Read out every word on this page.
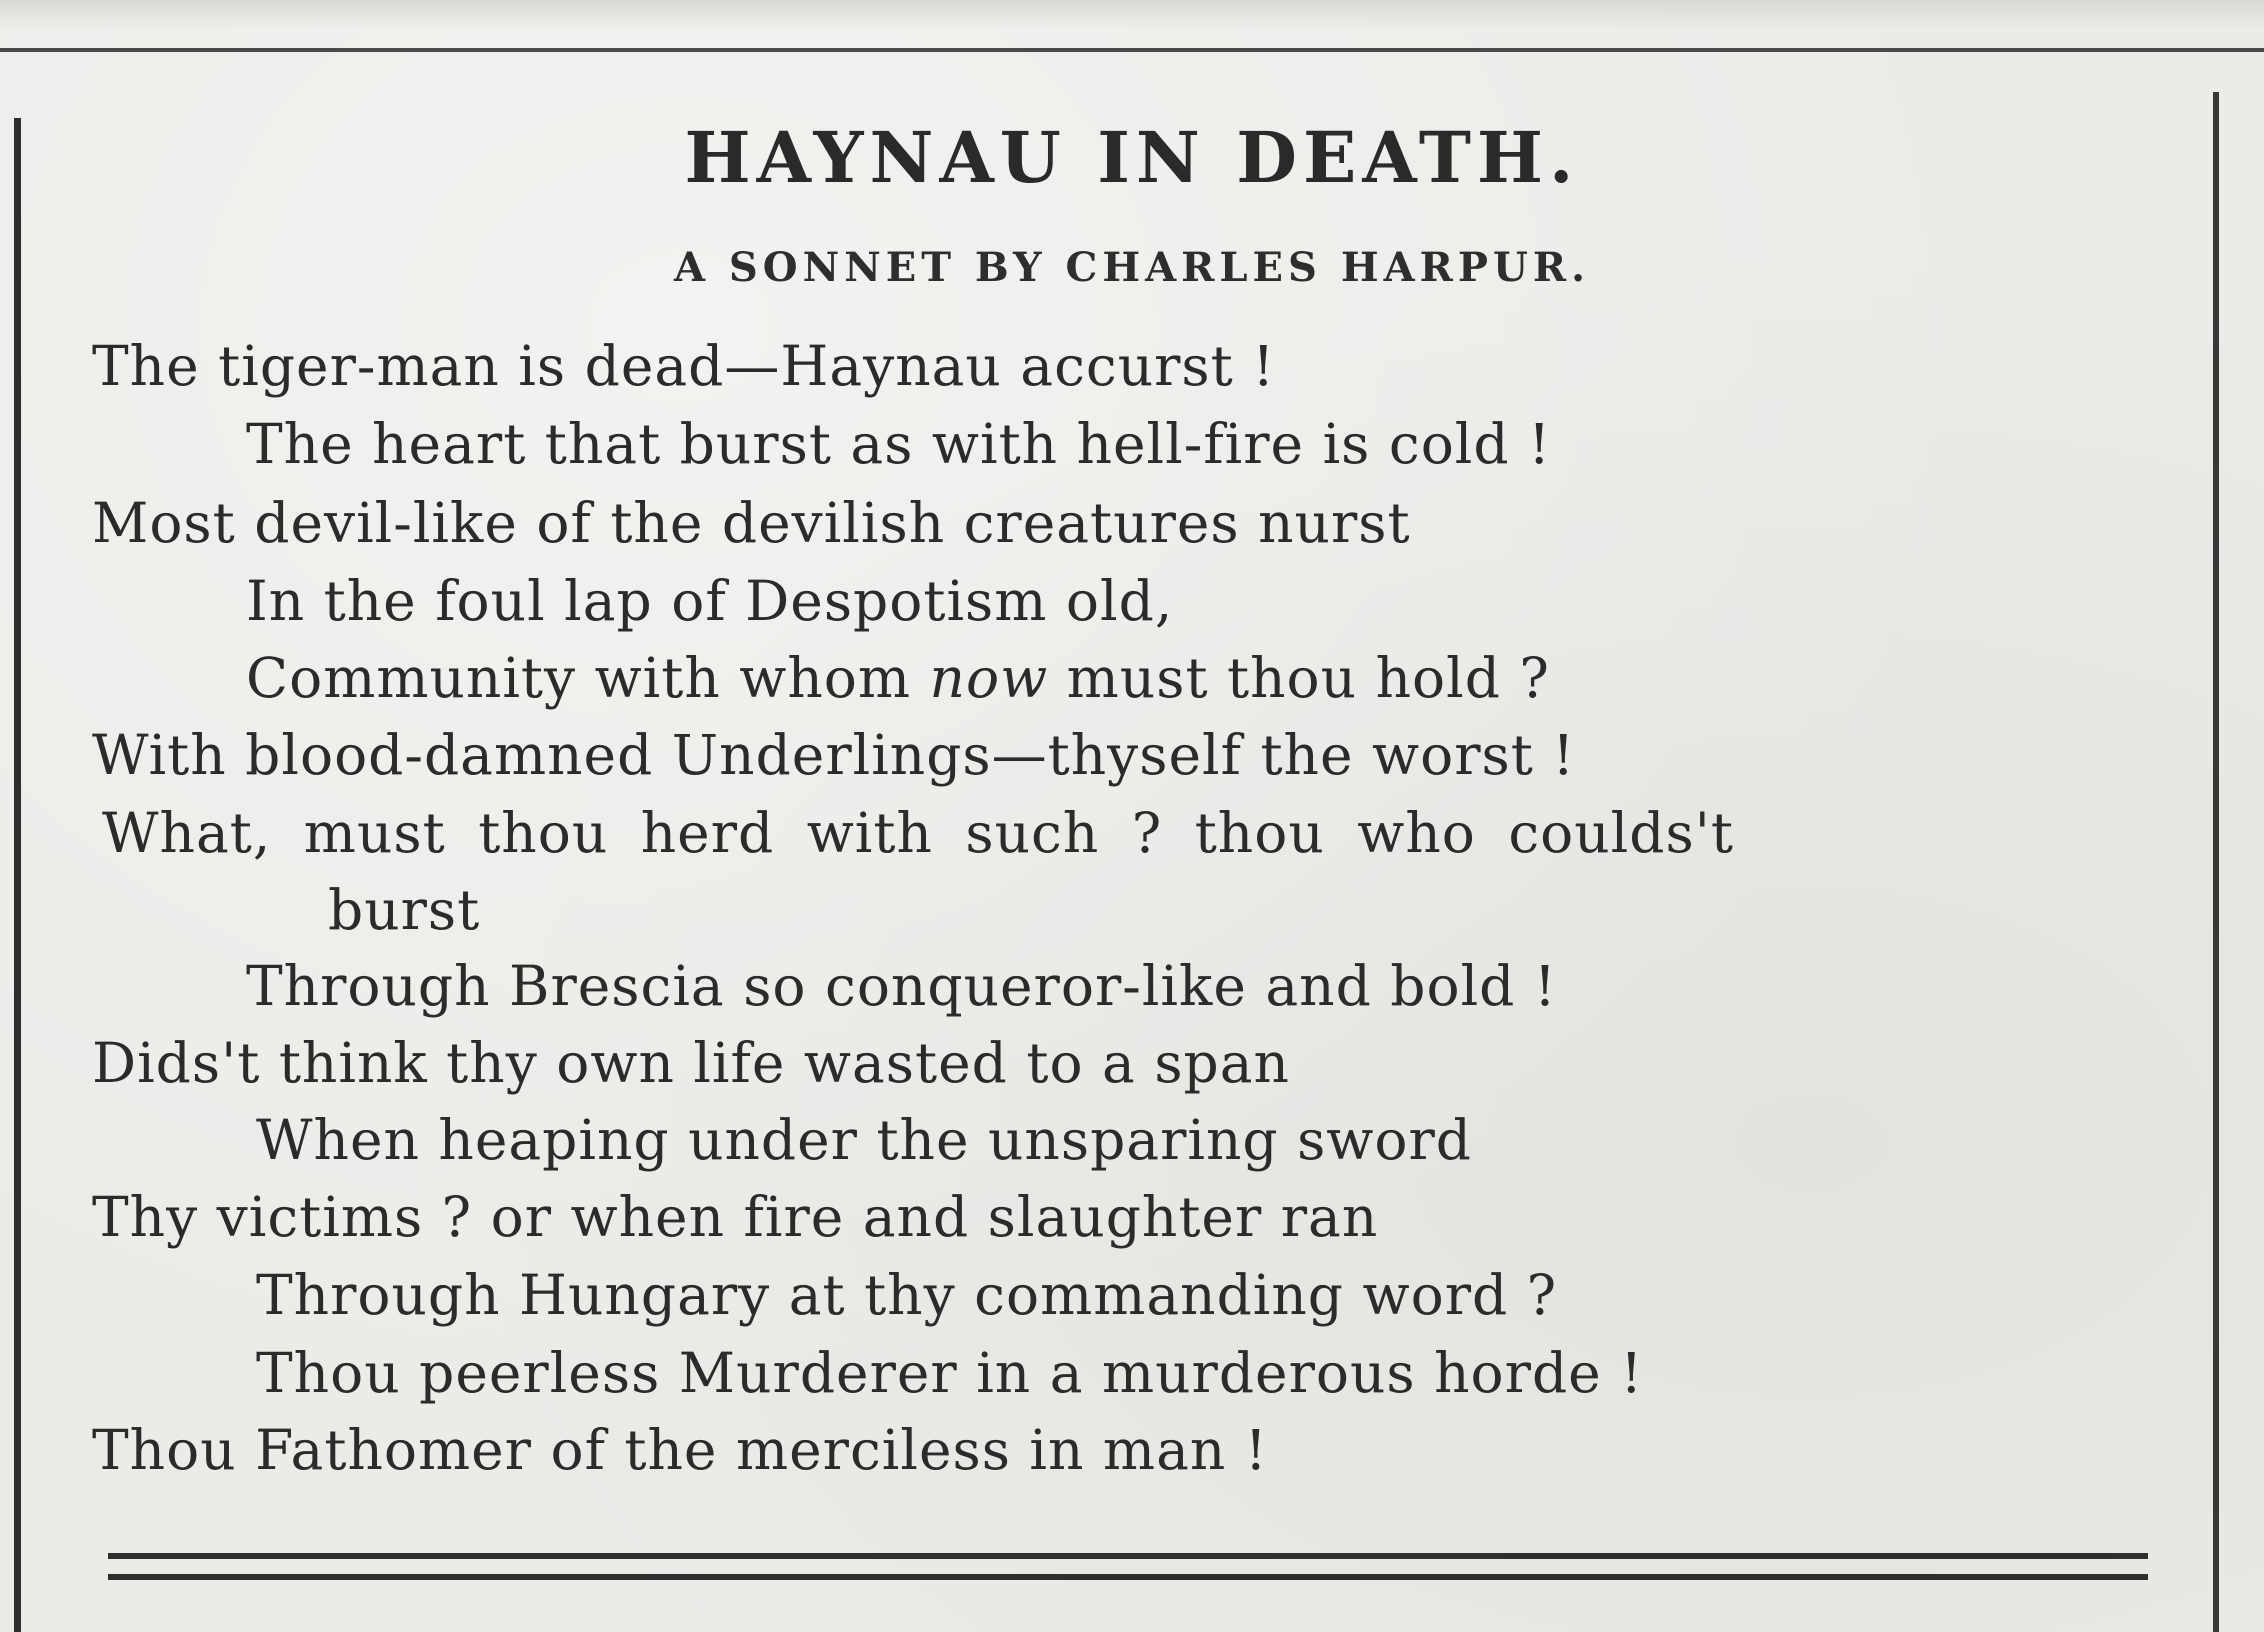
HAYNAU IN DEATH.
A SONNET BY CHARLES HARPUR.
The tiger-man is dead—Haynau accurst !
The heart that burst as with hell-fire is cold !
Most devil-like of the devilish creatures nurst
In the foul lap of Despotism old,
Community with whom now must thou hold ?
With blood-damned Underlings—thyself the worst !
What, must thou herd with such ? thou who coulds't
burst
Through Brescia so conqueror-like and bold !
Dids't think thy own life wasted to a span
When heaping under the unsparing sword
Thy victims ? or when fire and slaughter ran
Through Hungary at thy commanding word ?
Thou peerless Murderer in a murderous horde !
Thou Fathomer of the merciless in man !
